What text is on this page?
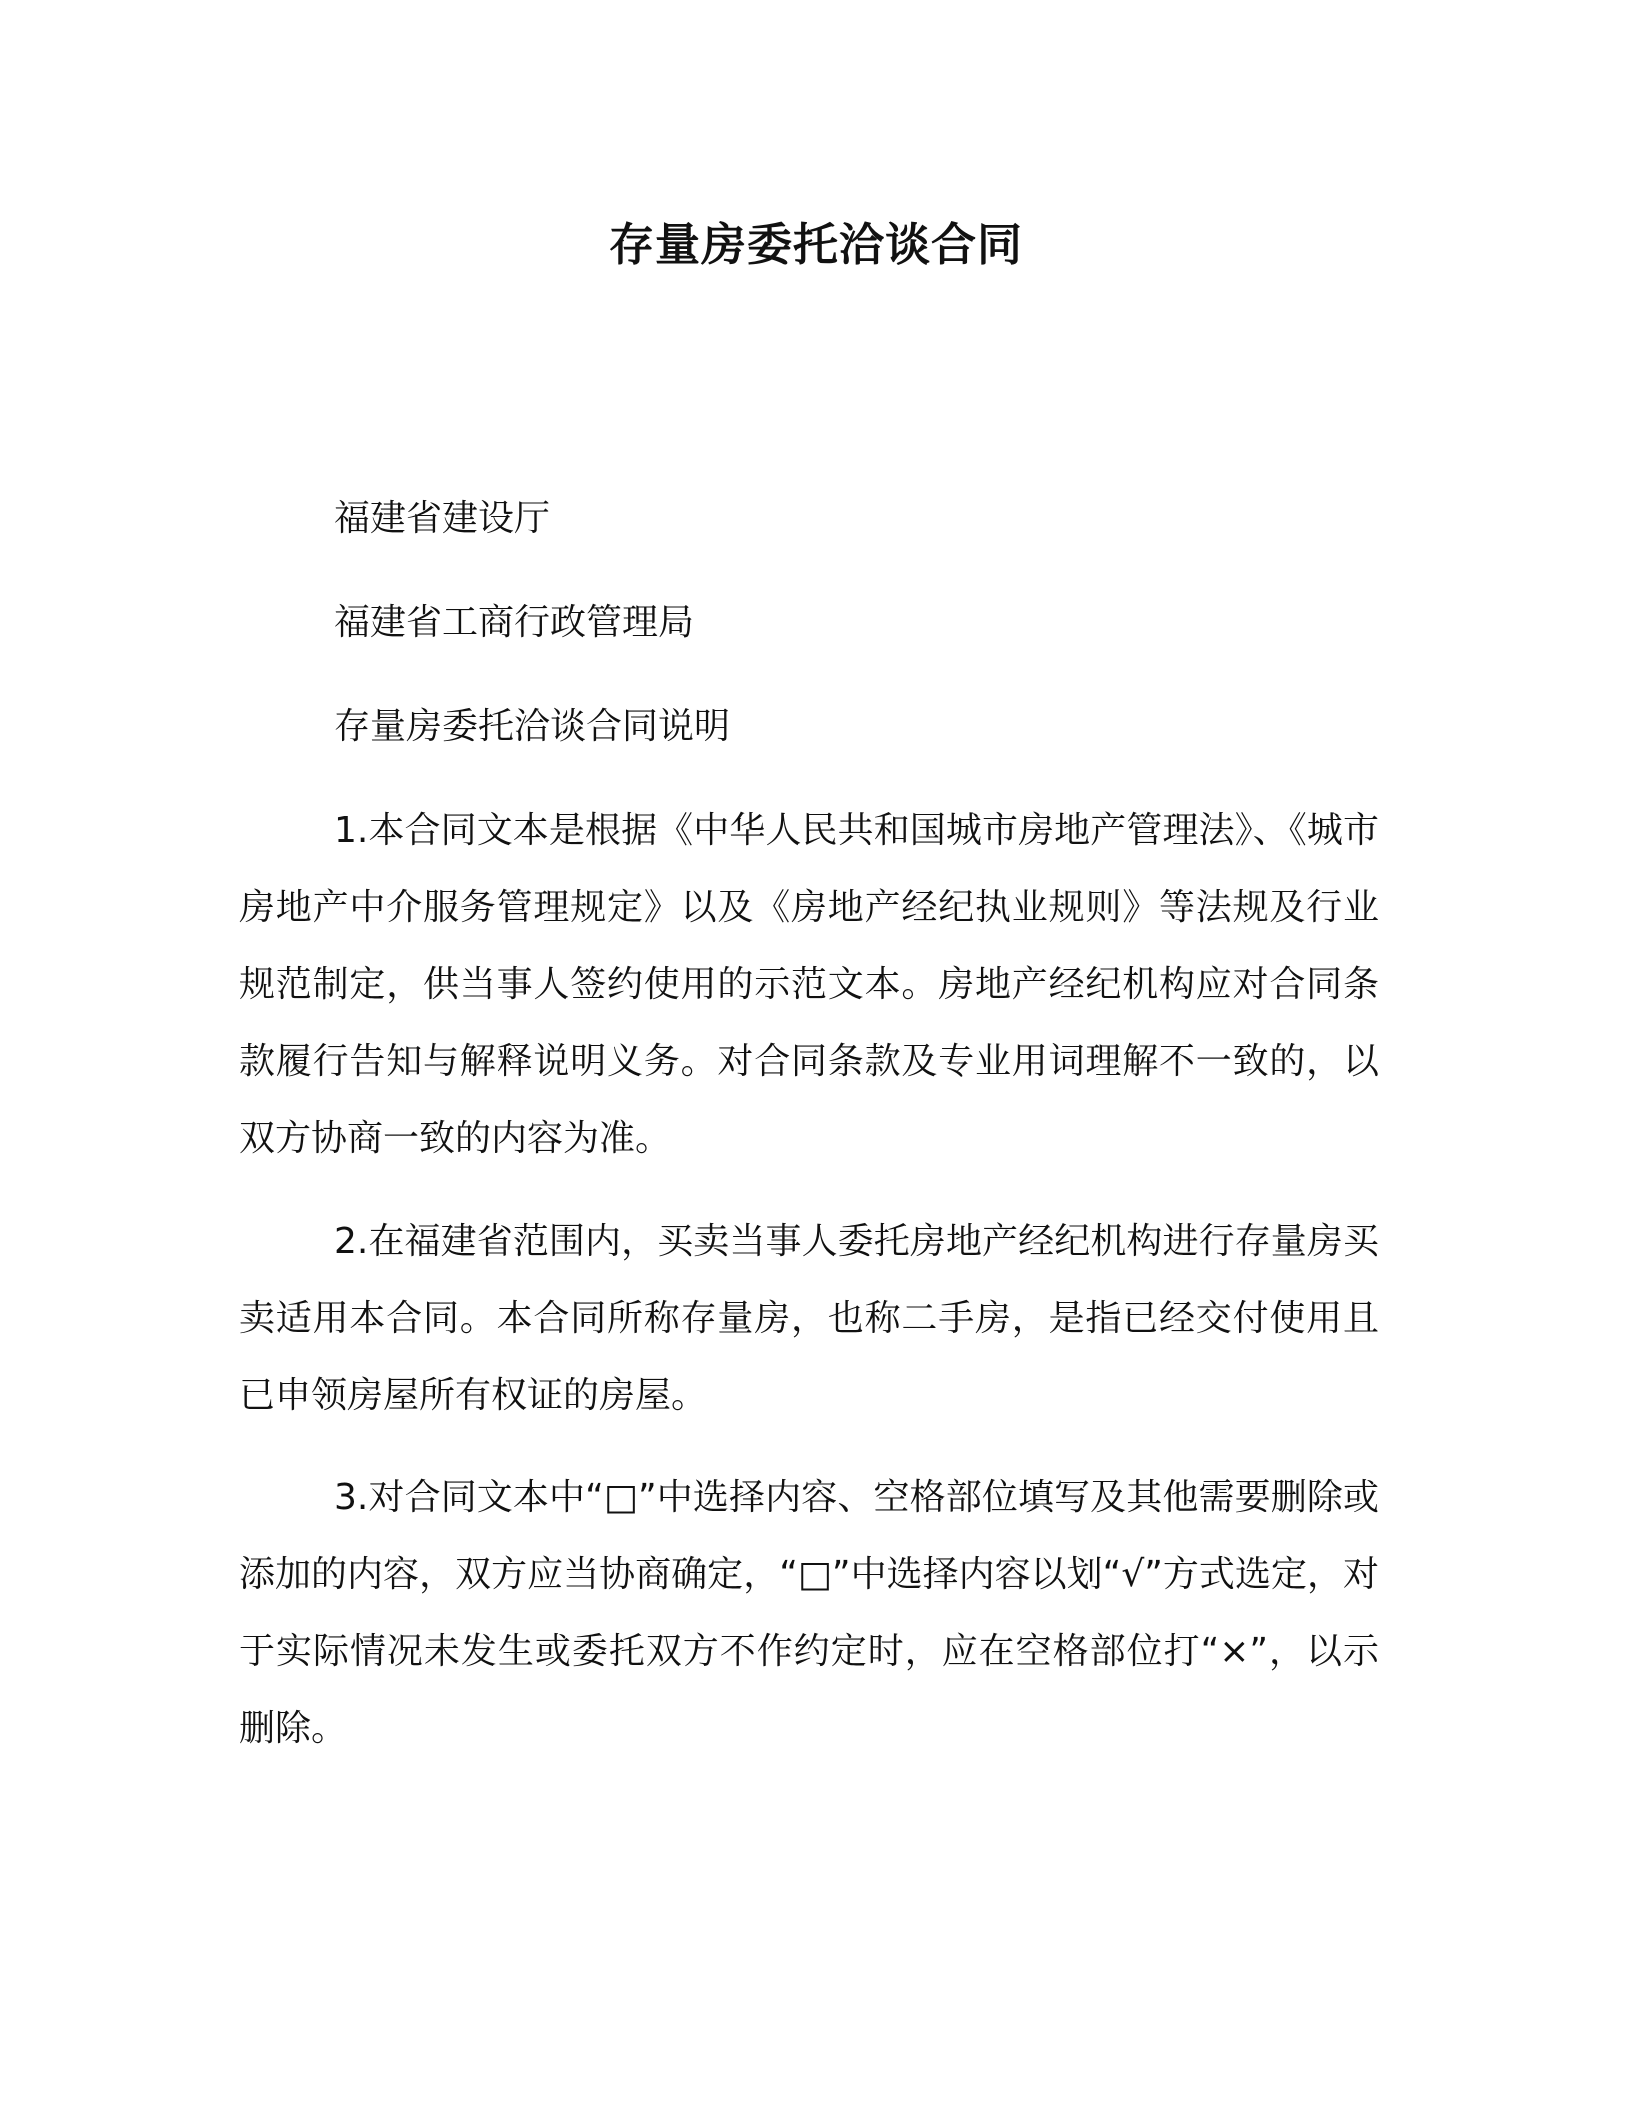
存量房委托洽谈合同

福建省建设厅

福建省工商行政管理局

存量房委托洽谈合同说明

1.本合同文本是根据《中华人民共和国城市房地产管理法》、《城市房地产中介服务管理规定》以及《房地产经纪执业规则》等法规及行业规范制定，供当事人签约使用的示范文本。房地产经纪机构应对合同条款履行告知与解释说明义务。对合同条款及专业用词理解不一致的，以双方协商一致的内容为准。

2.在福建省范围内，买卖当事人委托房地产经纪机构进行存量房买卖适用本合同。本合同所称存量房，也称二手房，是指已经交付使用且已申领房屋所有权证的房屋。

3.对合同文本中“□”中选择内容、空格部位填写及其他需要删除或添加的内容，双方应当协商确定，“□”中选择内容以划“√”方式选定，对于实际情况未发生或委托双方不作约定时，应在空格部位打“×”，以示删除。
